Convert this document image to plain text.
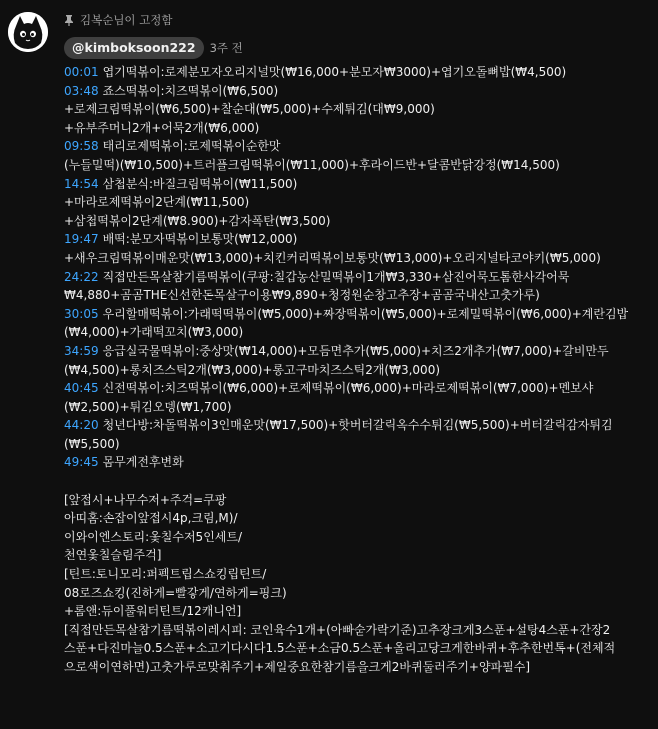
김복순님이 고정함
@kimboksoon222	3주 전
00:01 엽기떡볶이:로제분모자오리지널맛(₩16,000+분모자₩3000)+엽기오돌뼈밥(₩4,500)
03:48 죠스떡볶이:치즈떡볶이(₩6,500)
+로제크림떡볶이(₩6,500)+찰순대(₩5,000)+수제튀김(대₩9,000)
+유부주머니2개+어묵2개(₩6,000)
09:58 태리로제떡볶이:로제떡볶이순한맛
(누들밀떡)(₩10,500)+트러플크림떡볶이(₩11,000)+후라이드반+달콤반닭강정(₩14,500)
14:54 삼첩분식:바질크림떡볶이(₩11,500)
+마라로제떡볶이2단계(₩11,500)
+삼첩떡볶이2단계(₩8.900)+감자폭탄(₩3,500)
19:47 배떡:분모자떡볶이보통맛(₩12,000)
+새우크림떡볶이매운맛(₩13,000)+치킨커리떡볶이보통맛(₩13,000)+오리지널타코야키(₩5,000)
24:22 직접만든목살참기름떡볶이(쿠팡:칠갑농산밀떡볶이1개₩3,330+삼진어묵도톰한사각어묵
₩4,880+곰곰THE신선한돈목살구이용₩9,890+청정원순창고추장+곰곰국내산고춧가루)
30:05 우리할매떡볶이:가래떡떡볶이(₩5,000)+짜장떡볶이(₩5,000)+로제밀떡볶이(₩6,000)+계란김밥
(₩4,000)+가래떡꼬치(₩3,000)
34:59 응급실국물떡볶이:중상맛(₩14,000)+모듬면추가(₩5,000)+치즈2개추가(₩7,000)+갈비만두
(₩4,500)+롱치즈스틱2개(₩3,000)+롱고구마치즈스틱2개(₩3,000)
40:45 신전떡볶이:치즈떡볶이(₩6,000)+로제떡볶이(₩6,000)+마라로제떡볶이(₩7,000)+멘보샤
(₩2,500)+튀김오뎅(₩1,700)
44:20 청년다방:차돌떡볶이3인매운맛(₩17,500)+핫버터갈릭옥수수튀김(₩5,500)+버터갈릭감자튀김
(₩5,500)
49:45 몸무게전후변화
[앞접시+나무수저+주걱=쿠팡
아띠홈:손잡이앞접시4p,크림,M)/
이와이엔스토리:옻칠수저5인세트/
천연옻칠슬림주걱]
[틴트:토니모리:퍼펙트립스쇼킹립틴트/
08로즈쇼킹(진하게=빨갛게/연하게=핑크)
+롬앤:듀이풀워터틴트/12캐니언]
[직접만든목살참기름떡볶이레시피: 코인육수1개+(아빠숟가락기준)고추장크게3스푼+설탕4스푼+간장2
스푼+다진마늘0.5스푼+소고기다시다1.5스푼+소금0.5스푼+올리고당크게한바퀴+후추한번톡+(전체적
으로색이연하면)고춧가루로맞춰주기+제일중요한참기름을크게2바퀴둘러주기+양파필수]
